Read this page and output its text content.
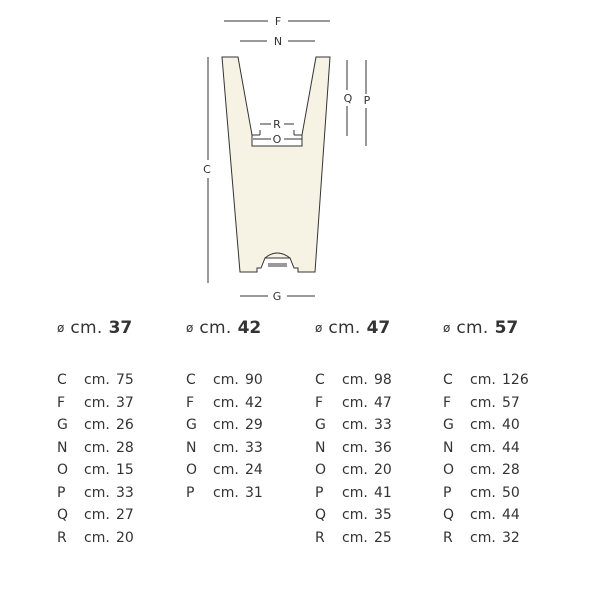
F
N
R
O
Q P
C
G
ø cm. 37
C	cm. 75
F	cm. 37
G	cm. 26
N	cm. 28
O	cm. 15
P	cm. 33
Q	cm. 27
R	cm. 20
ø cm. 42
C	cm. 90
F	cm. 42
G	cm. 29
N	cm. 33
O	cm. 24
P	cm. 31
ø cm. 47
C	cm. 98
F	cm. 47
G	cm. 33
N	cm. 36
O	cm. 20
P	cm. 41
Q	cm. 35
R	cm. 25
ø cm. 57
C	cm. 126
F	cm. 57
G	cm. 40
N	cm. 44
O	cm. 28
P	cm. 50
Q	cm. 44
R	cm. 32
